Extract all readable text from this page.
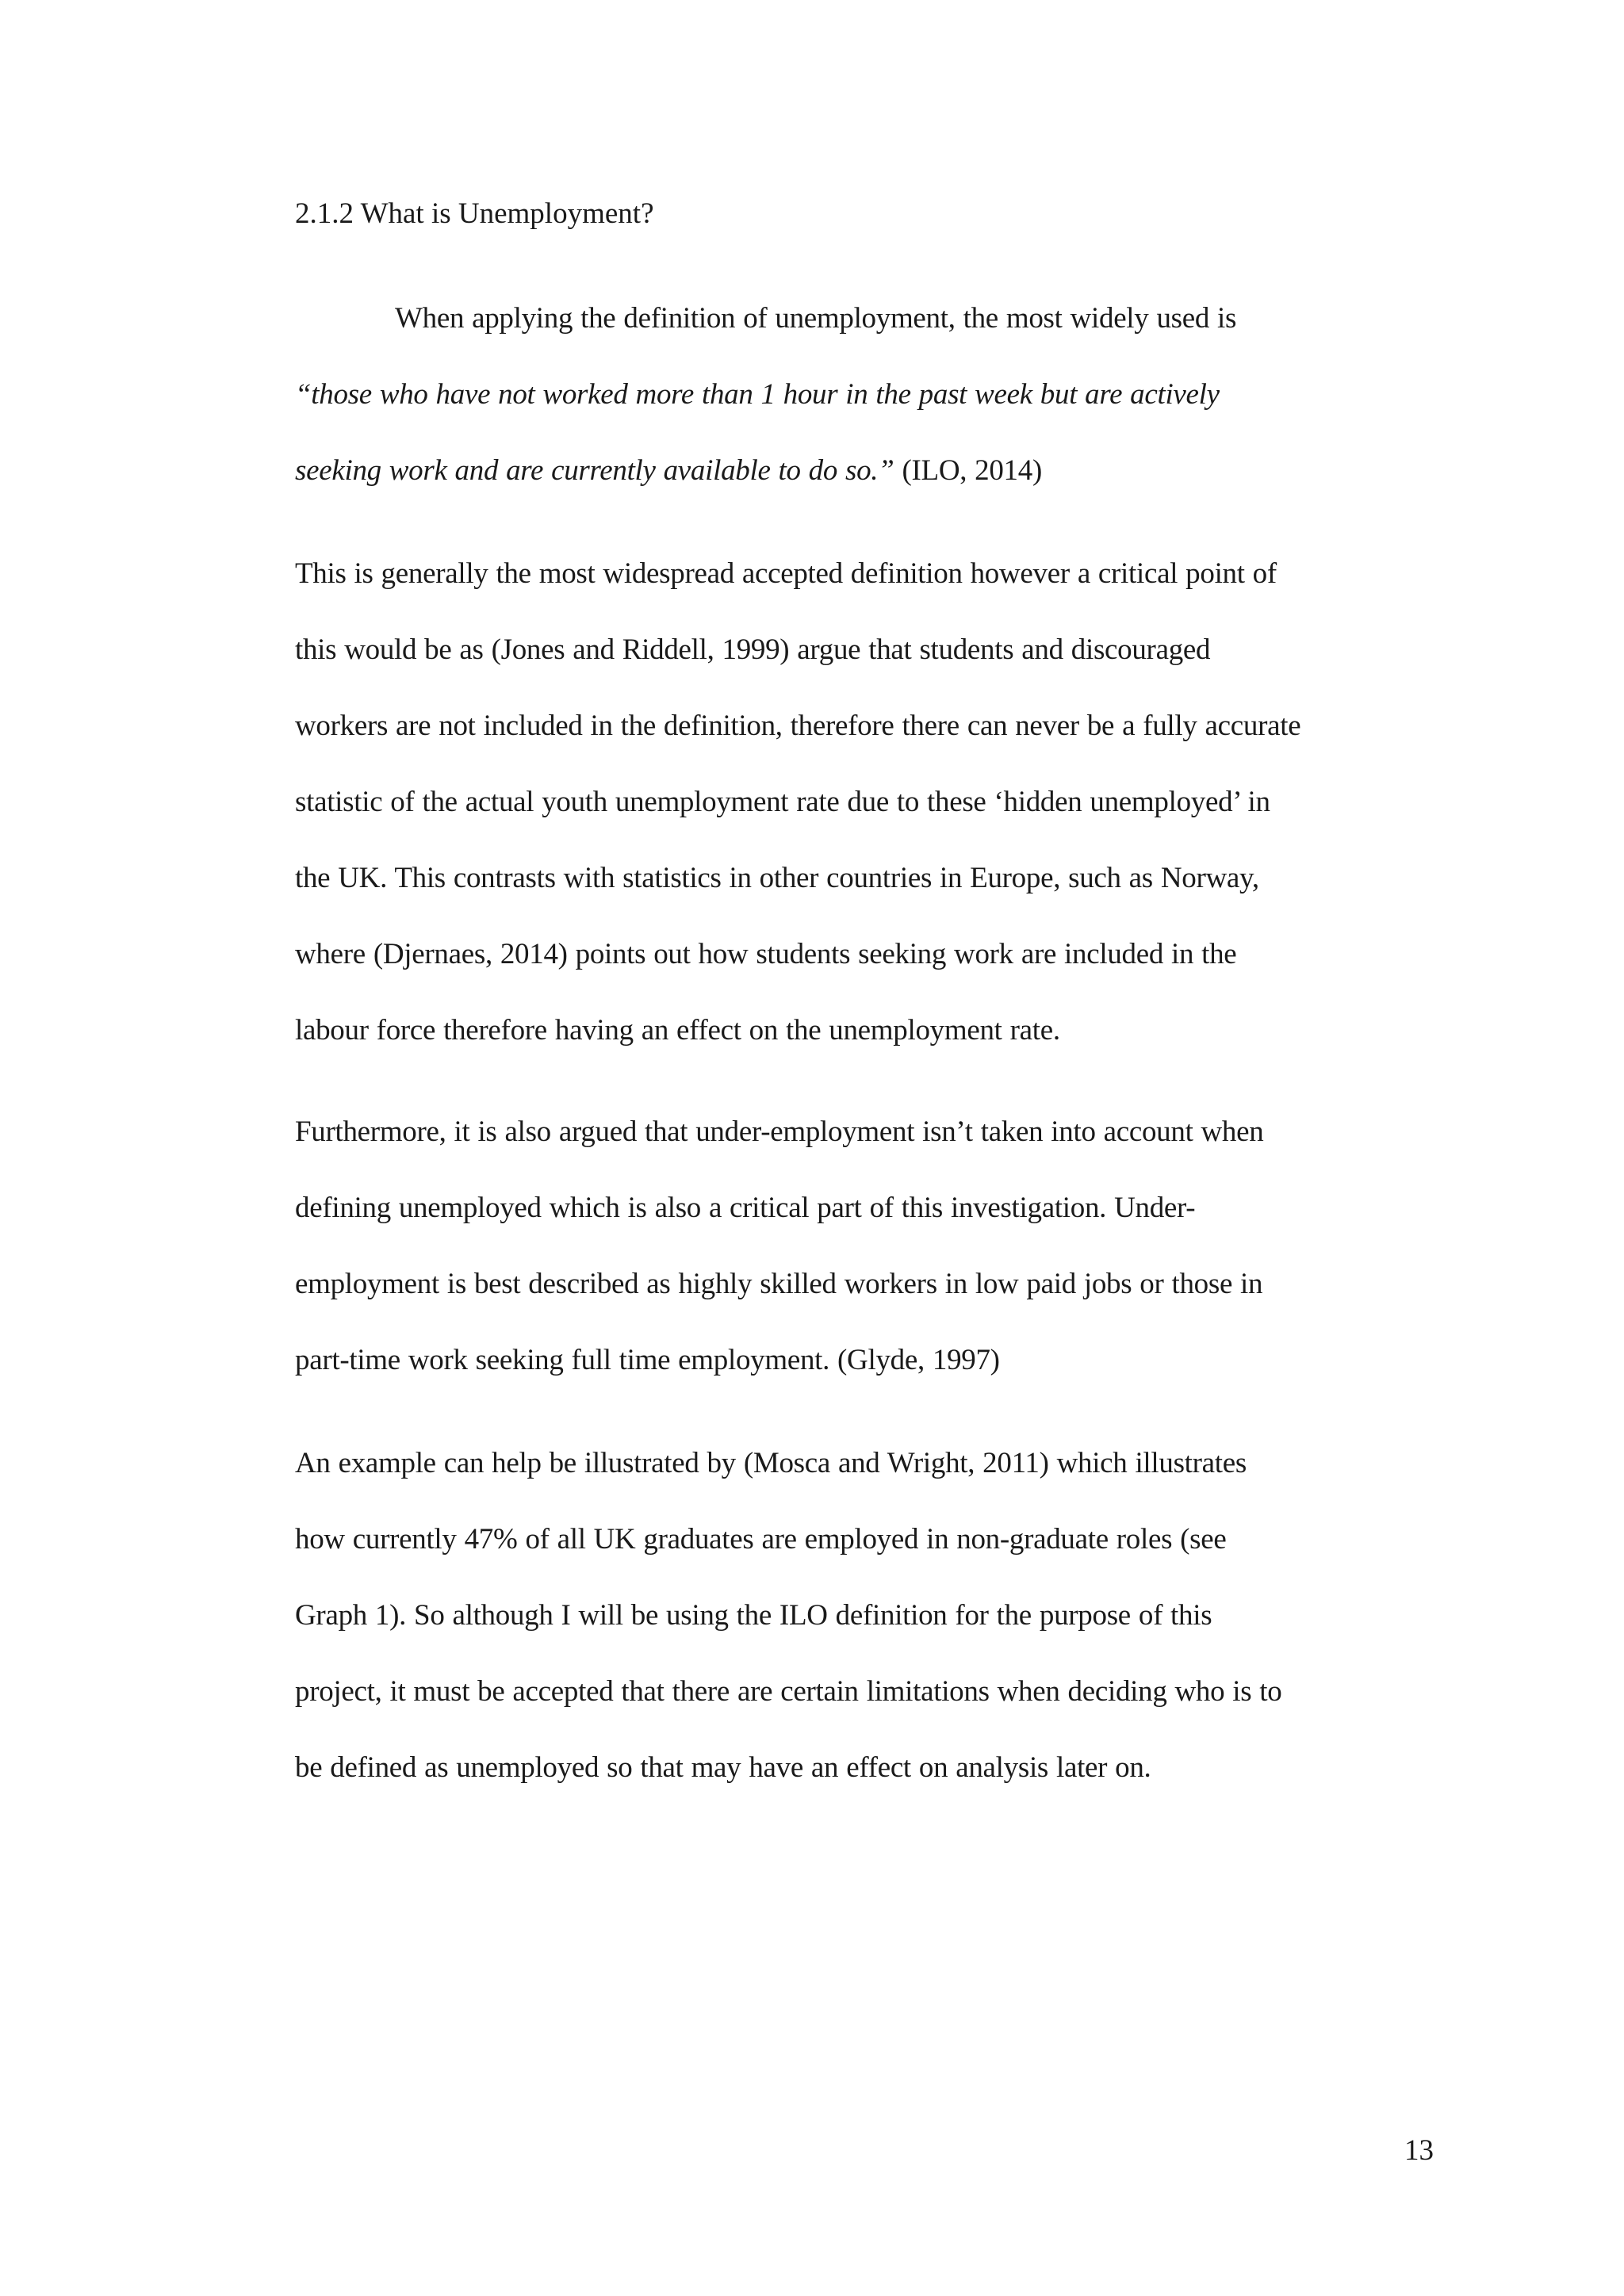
2.1.2 What is Unemployment?
When applying the definition of unemployment, the most widely used is
“those who have not worked more than 1 hour in the past week but are actively
seeking work and are currently available to do so.” (ILO, 2014)
This is generally the most widespread accepted definition however a critical point of
this would be as (Jones and Riddell, 1999) argue that students and discouraged
workers are not included in the definition, therefore there can never be a fully accurate
statistic of the actual youth unemployment rate due to these ‘hidden unemployed’ in
the UK. This contrasts with statistics in other countries in Europe, such as Norway,
where (Djernaes, 2014) points out how students seeking work are included in the
labour force therefore having an effect on the unemployment rate.
Furthermore, it is also argued that under-employment isn’t taken into account when
defining unemployed which is also a critical part of this investigation. Under-
employment is best described as highly skilled workers in low paid jobs or those in
part-time work seeking full time employment. (Glyde, 1997)
An example can help be illustrated by (Mosca and Wright, 2011) which illustrates
how currently 47% of all UK graduates are employed in non-graduate roles (see
Graph 1). So although I will be using the ILO definition for the purpose of this
project, it must be accepted that there are certain limitations when deciding who is to
be defined as unemployed so that may have an effect on analysis later on.
13
